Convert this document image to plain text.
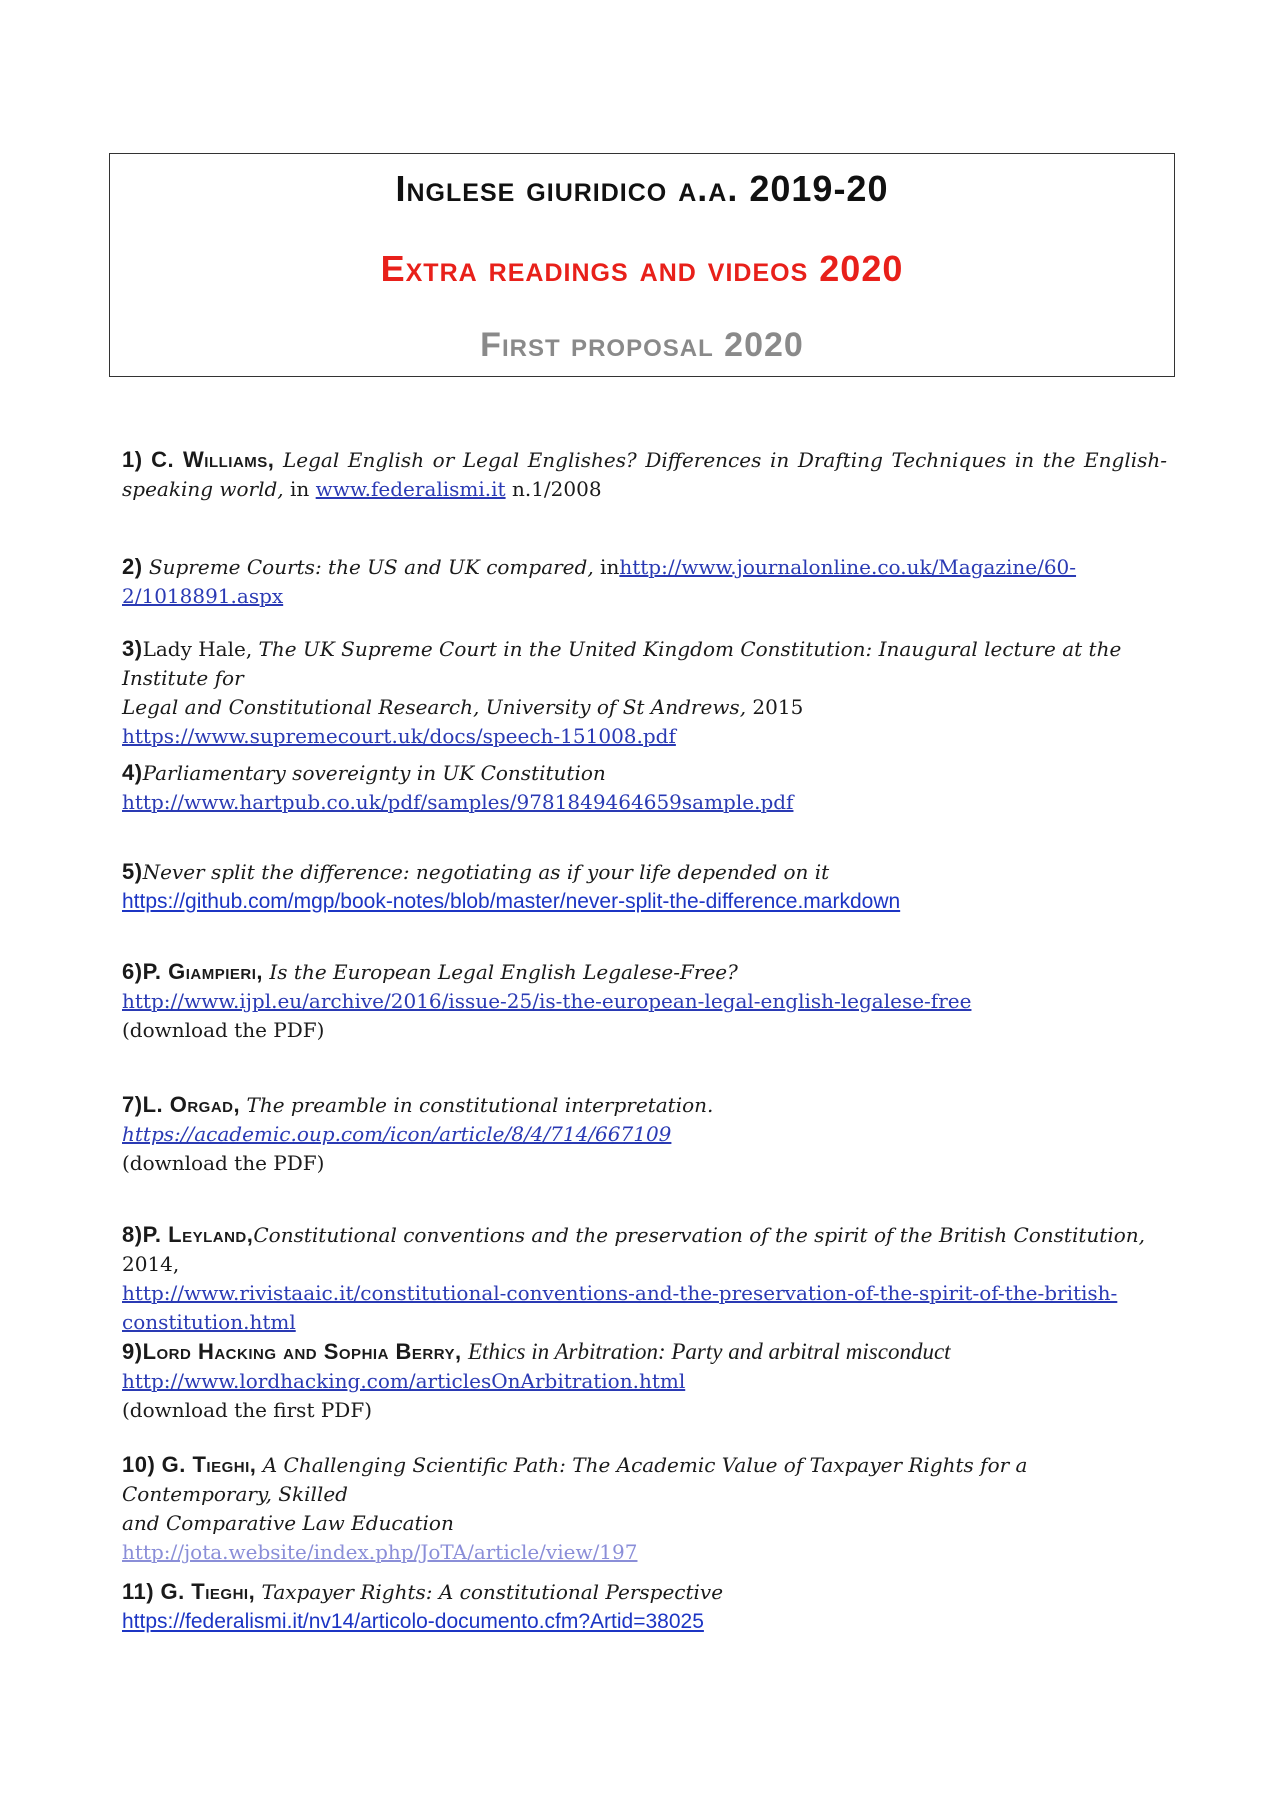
Inglese giuridico a.a. 2019-20
Extra readings and videos 2020
First proposal 2020
1) C. Williams, Legal English or Legal Englishes? Differences in Drafting Techniques in the English-speaking world, in www.federalismi.it n.1/2008
2) Supreme Courts: the US and UK compared, inhttp://www.journalonline.co.uk/Magazine/60-
2/1018891.aspx
3)Lady Hale, The UK Supreme Court in the United Kingdom Constitution: Inaugural lecture at the Institute for
Legal and Constitutional Research, University of St Andrews, 2015
https://www.supremecourt.uk/docs/speech-151008.pdf
4)Parliamentary sovereignty in UK Constitution
http://www.hartpub.co.uk/pdf/samples/9781849464659sample.pdf
5)Never split the difference: negotiating as if your life depended on it
https://github.com/mgp/book-notes/blob/master/never-split-the-difference.markdown
6)P. Giampieri, Is the European Legal English Legalese-Free?
http://www.ijpl.eu/archive/2016/issue-25/is-the-european-legal-english-legalese-free
(download the PDF)
7)L. Orgad, The preamble in constitutional interpretation.
https://academic.oup.com/icon/article/8/4/714/667109
(download the PDF)
8)P. Leyland,Constitutional conventions and the preservation of the spirit of the British Constitution, 2014,
http://www.rivistaaic.it/constitutional-conventions-and-the-preservation-of-the-spirit-of-the-british-
constitution.html
9)Lord Hacking and Sophia Berry, Ethics in Arbitration: Party and arbitral misconduct
http://www.lordhacking.com/articlesOnArbitration.html
(download the first PDF)
10) G. Tieghi, A Challenging Scientific Path: The Academic Value of Taxpayer Rights for a Contemporary, Skilled
and Comparative Law Education
http://jota.website/index.php/JoTA/article/view/197
11) G. Tieghi, Taxpayer Rights: A constitutional Perspective
https://federalismi.it/nv14/articolo-documento.cfm?Artid=38025
